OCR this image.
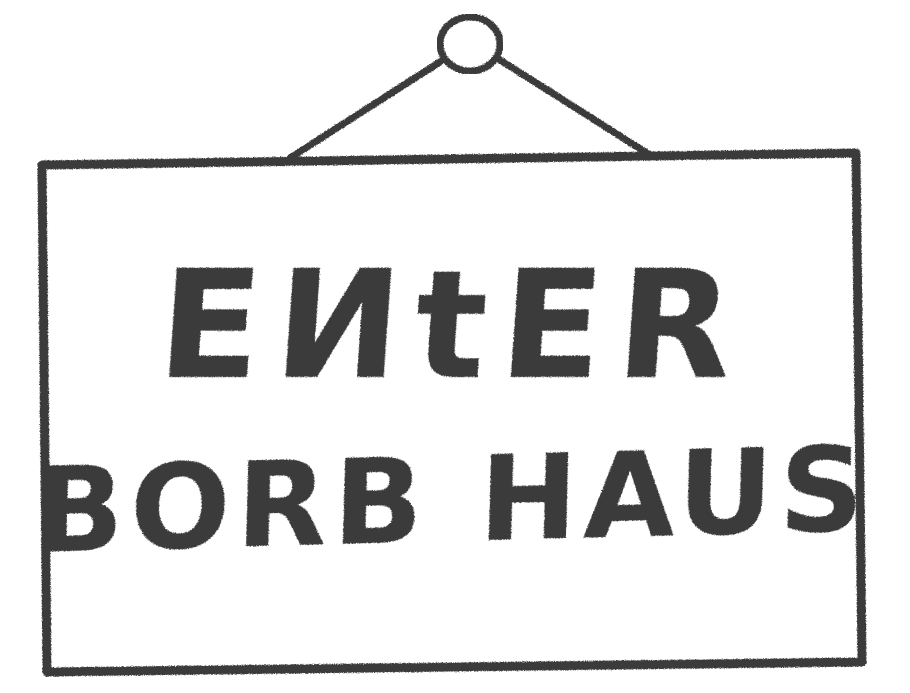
EИtER
BORB HAUS
